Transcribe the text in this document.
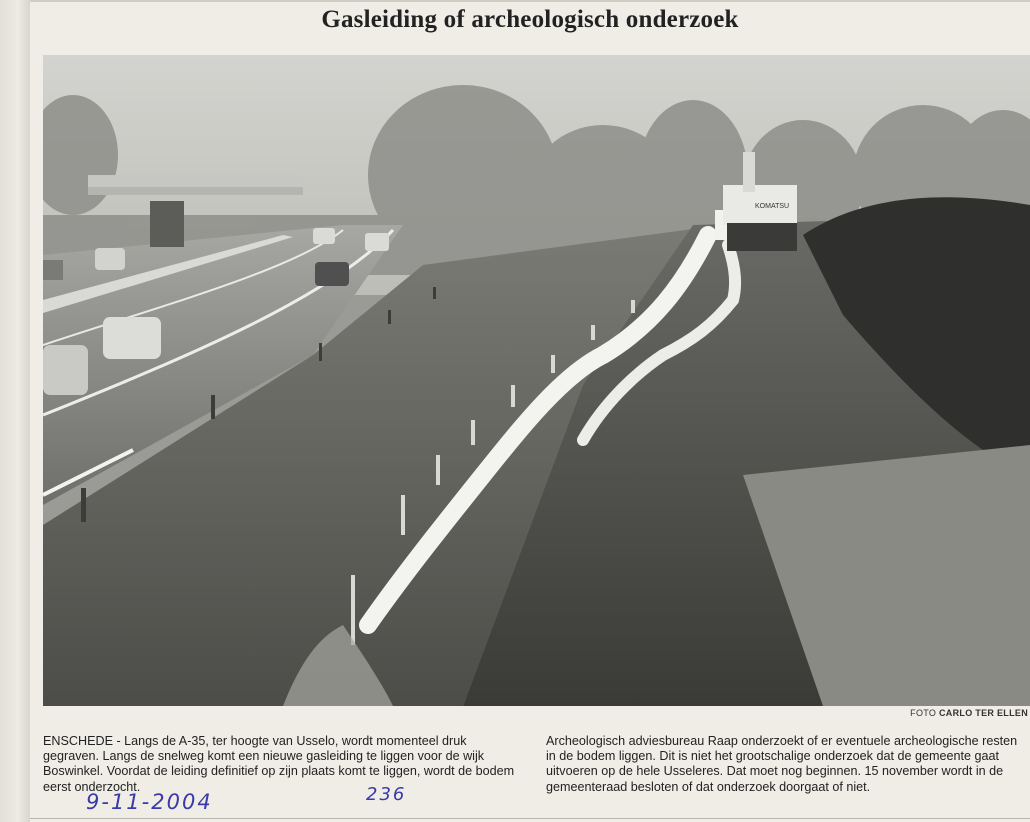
Gasleiding of archeologisch onderzoek
KOMATSU
FOTO CARLO TER ELLEN
ENSCHEDE - Langs de A-35, ter hoogte van Usselo, wordt momenteel druk gegraven. Langs de snelweg komt een nieuwe gasleiding te liggen voor de wijk Boswinkel. Voordat de leiding definitief op zijn plaats komt te liggen, wordt de bodem eerst onderzocht.
Archeologisch adviesbureau Raap onderzoekt of er eventuele archeologische resten in de bodem liggen. Dit is niet het grootschalige onderzoek dat de gemeente gaat uitvoeren op de hele Usseleres. Dat moet nog beginnen. 15 november wordt in de gemeenteraad besloten of dat onderzoek doorgaat of niet.
9-11-2004	236
